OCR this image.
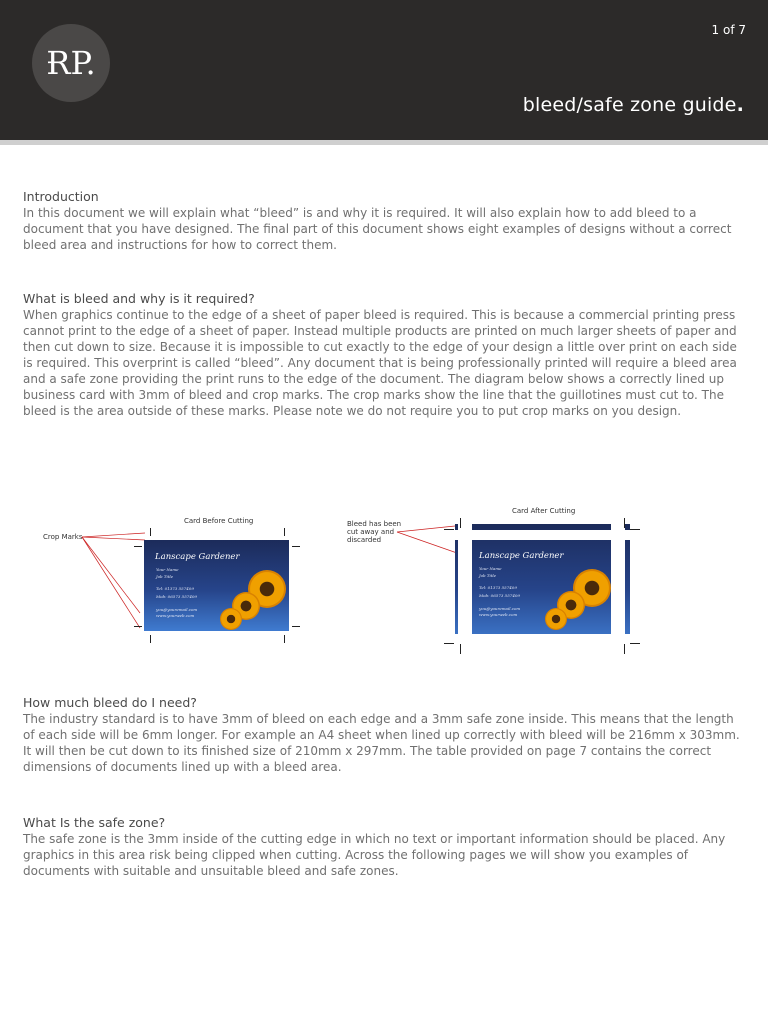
ɌP.
1 of 7
bleed/safe zone guide.
Introduction

In this document we will explain what “bleed” is and why it is required. It will also explain how to add bleed to a document that you have designed. The final part of this document shows eight examples of designs without a correct bleed area and instructions for how to correct them.

What is bleed and why is it required?

When graphics continue to the edge of a sheet of paper bleed is required. This is because a commercial printing press cannot print to the edge of a sheet of paper. Instead multiple products are printed on much larger sheets of paper and then cut down to size. Because it is impossible to cut exactly to the edge of your design a little over print on each side is required. This overprint is called “bleed”. Any document that is being professionally printed will require a bleed area and a safe zone providing the print runs to the edge of the document. The diagram below shows a correctly lined up business card with 3mm of bleed and crop marks. The crop marks show the line that the guillotines must cut to. The bleed is the area outside of these marks. Please note we do not require you to put crop marks on you design.

Card Before Cutting
Crop Marks
Lanscape Gardener
Your Name
Job Title
Tel: 01373 557409
Mob: 06573 557409
you@youremail.com
www.yourweb.com
Card After Cutting
Bleed has been
cut away and
discarded
Lanscape Gardener
Your Name
Job Title
Tel: 01373 557409
Mob: 06573 557409
you@youremail.com
www.yourweb.com
How much bleed do I need?

The industry standard is to have 3mm of bleed on each edge and a 3mm safe zone inside. This means that the length of each side will be 6mm longer. For example an A4 sheet when lined up correctly with bleed will be 216mm x 303mm. It will then be cut down to its finished size of 210mm x 297mm. The table provided on page 7 contains the correct dimensions of documents lined up with a bleed area.

What Is the safe zone?

The safe zone is the 3mm inside of the cutting edge in which no text or important information should be placed. Any graphics in this area risk being clipped when cutting. Across the following pages we will show you examples of documents with suitable and unsuitable bleed and safe zones.
